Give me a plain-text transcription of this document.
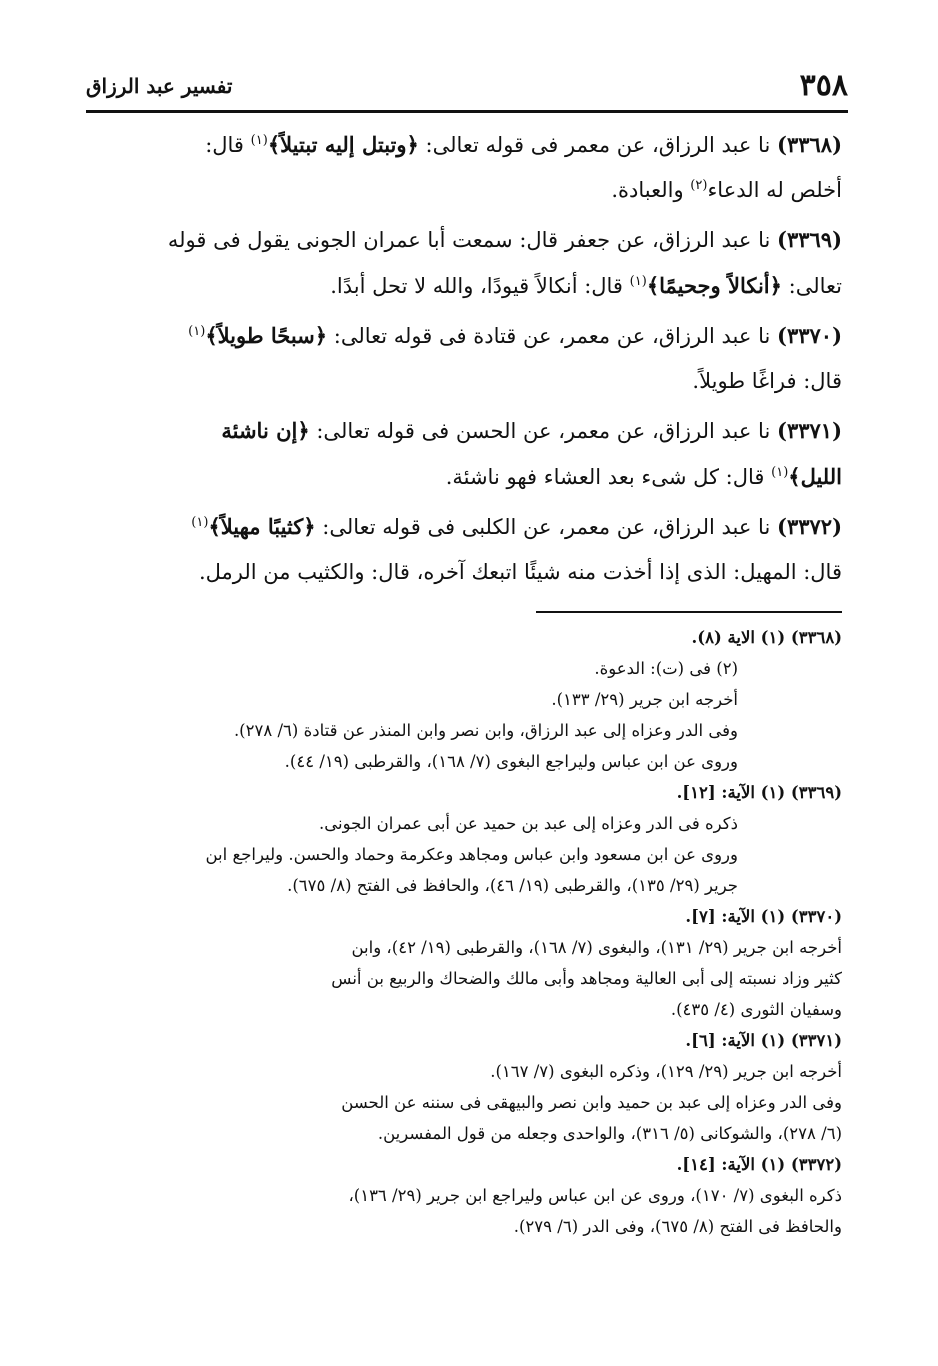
٣٥٨
تفسير عبد الرزاق

(٣٣٦٨) نا عبد الرزاق، عن معمر فى قوله تعالى: ﴿وتبتل إليه تبتيلاً﴾$^{(١)}$ قال:
أخلص له الدعاء$^{(٢)}$ والعبادة.

(٣٣٦٩) نا عبد الرزاق، عن جعفر قال: سمعت أبا عمران الجونى يقول فى قوله
تعالى: ﴿أنكالاً وجحيمًا﴾$^{(١)}$ قال: أنكالاً قيودًا، والله لا تحل أبدًا.

(٣٣٧٠) نا عبد الرزاق، عن معمر، عن قتادة فى قوله تعالى: ﴿سبحًا طويلاً﴾$^{(١)}$
قال: فراغًا طويلاً.

(٣٣٧١) نا عبد الرزاق، عن معمر، عن الحسن فى قوله تعالى: ﴿إن ناشئة
الليل﴾$^{(١)}$ قال: كل شىء بعد العشاء فهو ناشئة.

(٣٣٧٢) نا عبد الرزاق، عن معمر، عن الكلبى فى قوله تعالى: ﴿كثيبًا مهيلاً﴾$^{(١)}$
قال: المهيل: الذى إذا أخذت منه شيئًا اتبعك آخره، قال: والكثيب من الرمل.

(٣٣٦٨) (١) الاية (٨).
(٢) فى (ت): الدعوة.
أخرجه ابن جرير (٢٩/ ١٣٣).
وفى الدر وعزاه إلى عبد الرزاق، وابن نصر وابن المنذر عن قتادة (٦/ ٢٧٨).
وروى عن ابن عباس وليراجع البغوى (٧/ ١٦٨)، والقرطبى (١٩/ ٤٤).
(٣٣٦٩) (١) الآية: [١٢].
ذكره فى الدر وعزاه إلى عبد بن حميد عن أبى عمران الجونى.
وروى عن ابن مسعود وابن عباس ومجاهد وعكرمة وحماد والحسن. وليراجع ابن
جرير (٢٩/ ١٣٥)، والقرطبى (١٩/ ٤٦)، والحافظ فى الفتح (٨/ ٦٧٥).
(٣٣٧٠) (١) الآية: [٧].
أخرجه ابن جرير (٢٩/ ١٣١)، والبغوى (٧/ ١٦٨)، والقرطبى (١٩/ ٤٢)، وابن
كثير وزاد نسبته إلى أبى العالية ومجاهد وأبى مالك والضحاك والربيع بن أنس
وسفيان الثورى (٤/ ٤٣٥).
(٣٣٧١) (١) الآية: [٦].
أخرجه ابن جرير (٢٩/ ١٢٩)، وذكره البغوى (٧/ ١٦٧).
وفى الدر وعزاه إلى عبد بن حميد وابن نصر والبيهقى فى سننه عن الحسن
(٦/ ٢٧٨)، والشوكانى (٥/ ٣١٦)، والواحدى وجعله من قول المفسرين.
(٣٣٧٢) (١) الآية: [١٤].
ذكره البغوى (٧/ ١٧٠)، وروى عن ابن عباس وليراجع ابن جرير (٢٩/ ١٣٦)،
والحافظ فى الفتح (٨/ ٦٧٥)، وفى الدر (٦/ ٢٧٩).
